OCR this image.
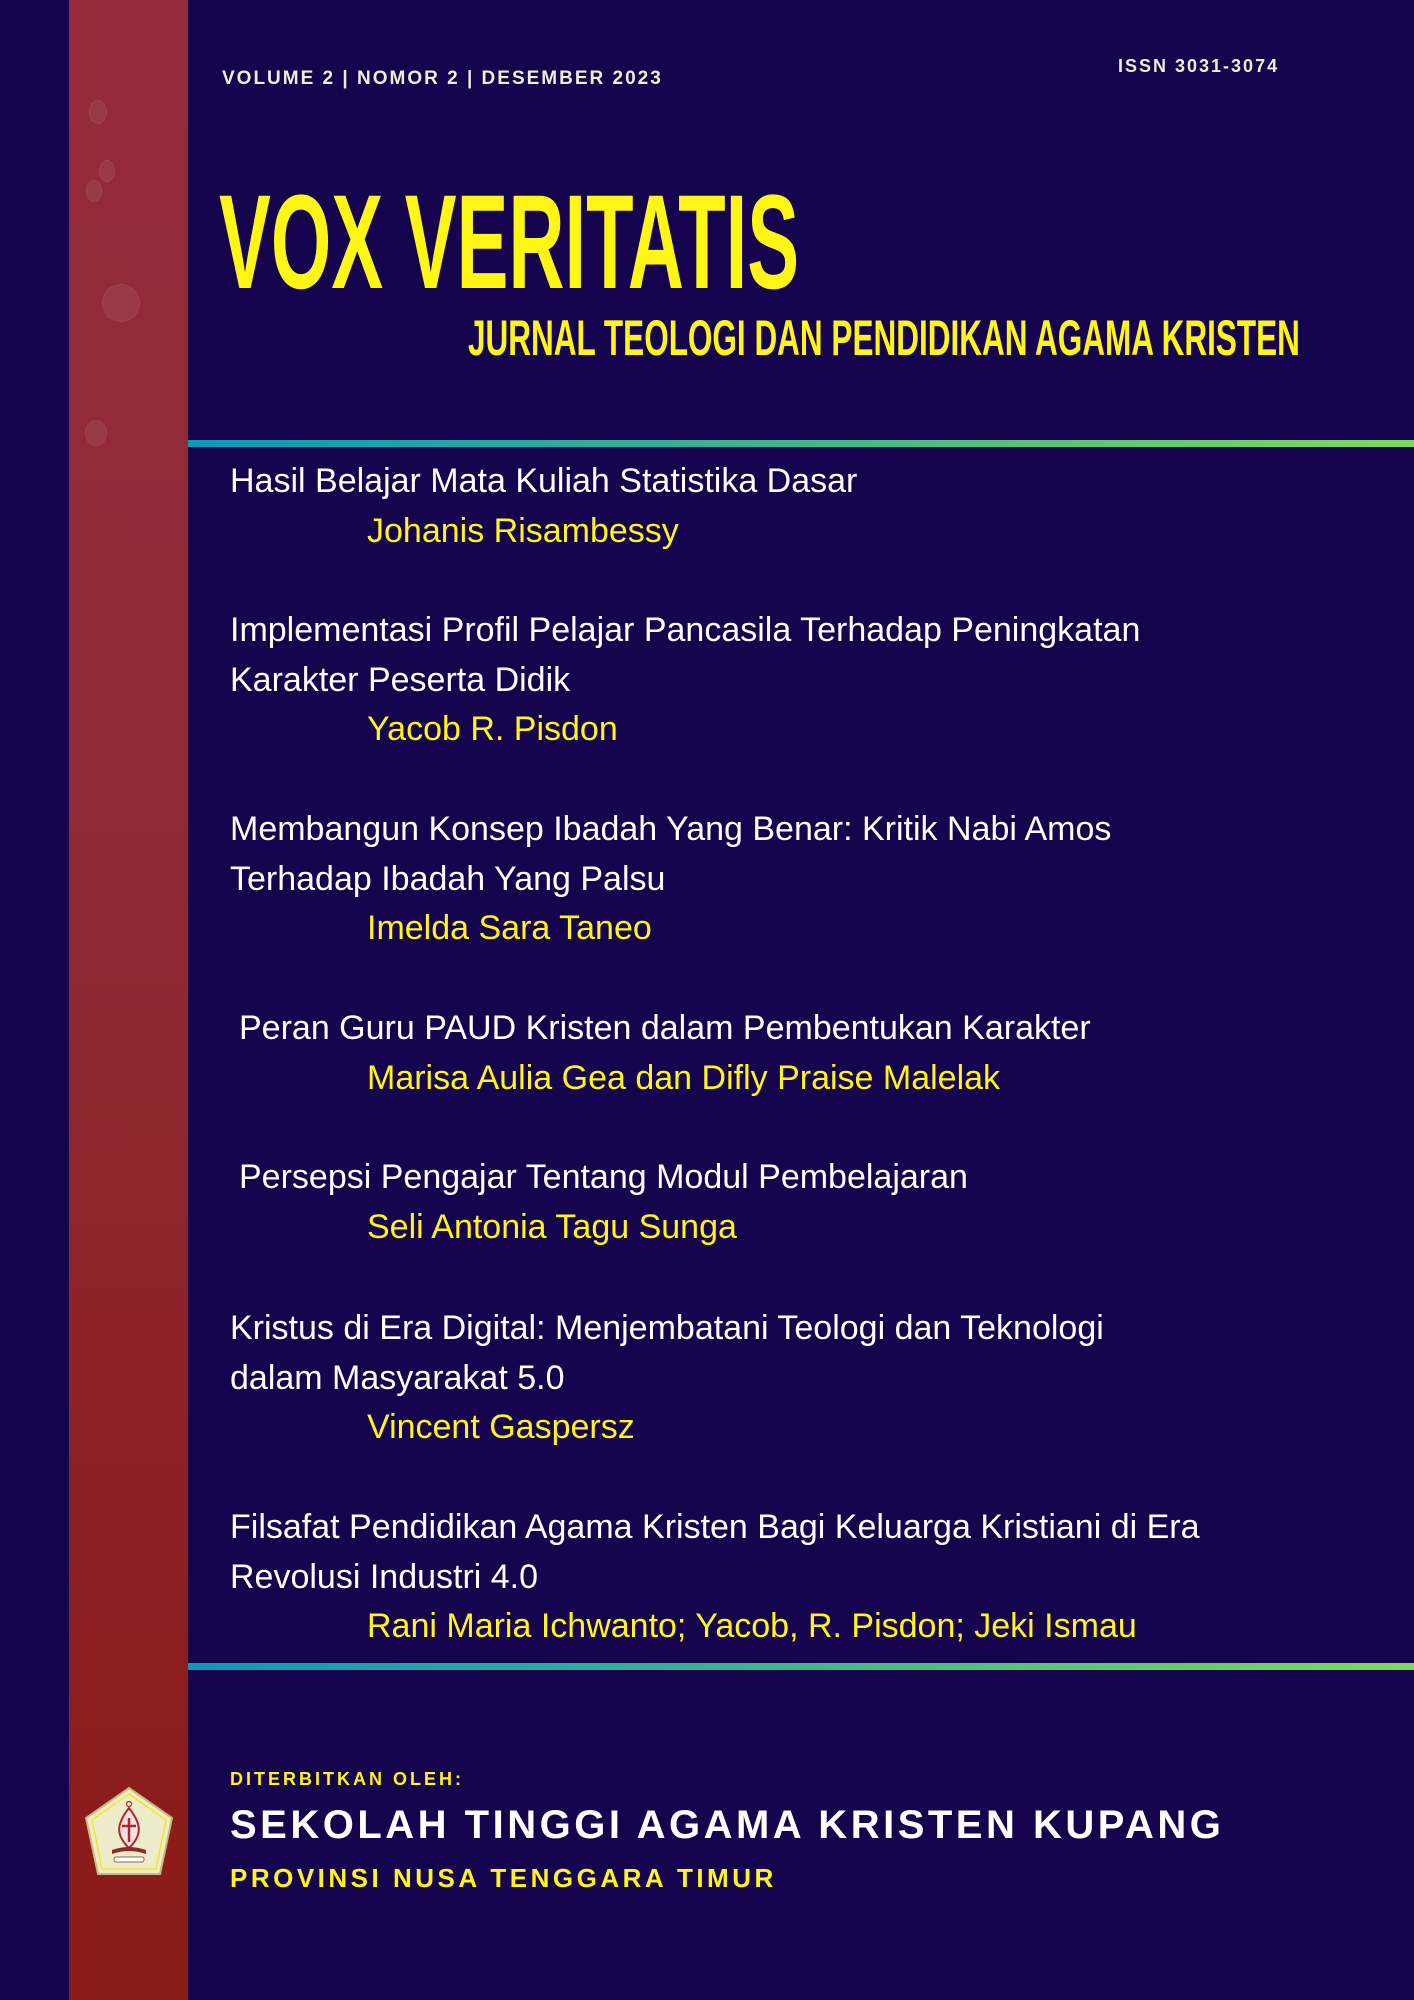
VOLUME 2 | NOMOR 2 | DESEMBER 2023
ISSN 3031-3074
VOX VERITATIS
JURNAL TEOLOGI DAN PENDIDIKAN AGAMA KRISTEN
Hasil Belajar Mata Kuliah Statistika Dasar
Johanis Risambessy
Implementasi Profil Pelajar Pancasila Terhadap Peningkatan
Karakter Peserta Didik
Yacob R. Pisdon
Membangun Konsep Ibadah Yang Benar: Kritik Nabi Amos
Terhadap Ibadah Yang Palsu
Imelda Sara Taneo
Peran Guru PAUD Kristen dalam Pembentukan Karakter
Marisa Aulia Gea dan Difly Praise Malelak
Persepsi Pengajar Tentang Modul Pembelajaran
Seli Antonia Tagu Sunga
Kristus di Era Digital: Menjembatani Teologi dan Teknologi
dalam Masyarakat 5.0
Vincent Gaspersz
Filsafat Pendidikan Agama Kristen Bagi Keluarga Kristiani di Era
Revolusi Industri 4.0
Rani Maria Ichwanto; Yacob, R. Pisdon; Jeki Ismau
DITERBITKAN OLEH:
SEKOLAH TINGGI AGAMA KRISTEN KUPANG
PROVINSI NUSA TENGGARA TIMUR
